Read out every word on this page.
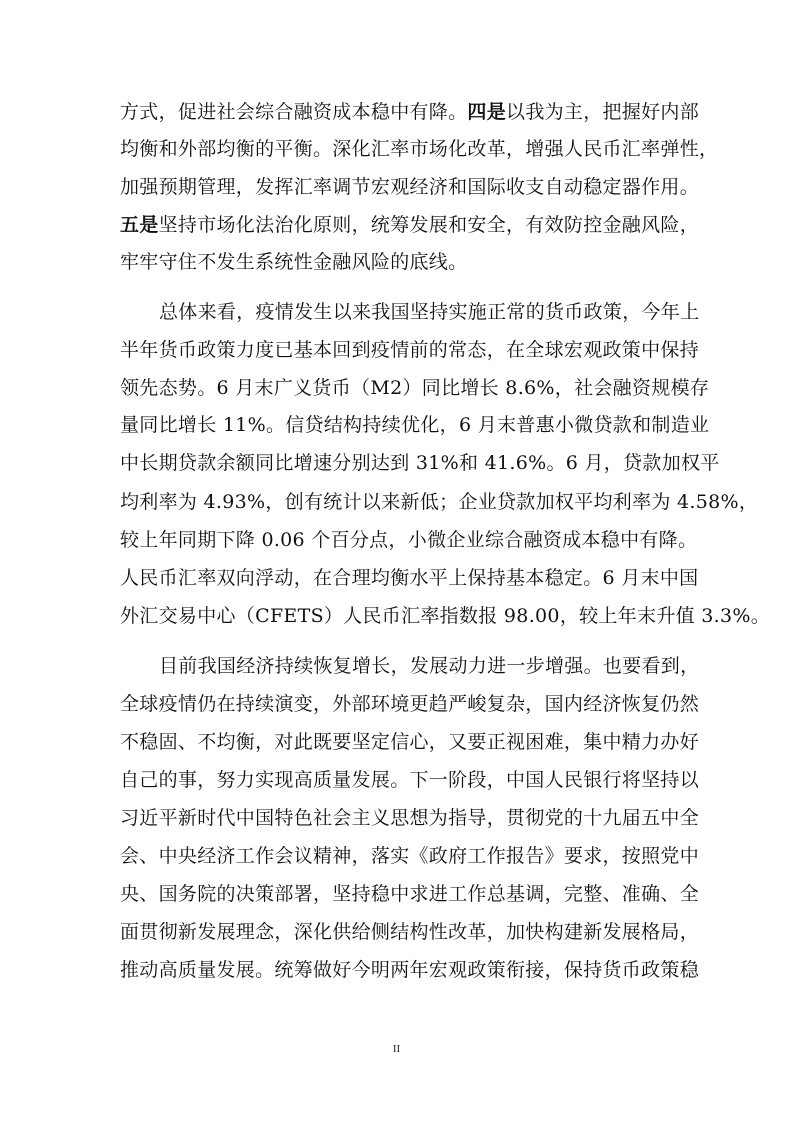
方式，促进社会综合融资成本稳中有降。四是以我为主，把握好内部
均衡和外部均衡的平衡。深化汇率市场化改革，增强人民币汇率弹性，
加强预期管理，发挥汇率调节宏观经济和国际收支自动稳定器作用。
五是坚持市场化法治化原则，统筹发展和安全，有效防控金融风险，
牢牢守住不发生系统性金融风险的底线。
总体来看，疫情发生以来我国坚持实施正常的货币政策，今年上
半年货币政策力度已基本回到疫情前的常态，在全球宏观政策中保持
领先态势。6 月末广义货币（M2）同比增长 8.6%，社会融资规模存
量同比增长 11%。信贷结构持续优化，6 月末普惠小微贷款和制造业
中长期贷款余额同比增速分别达到 31%和 41.6%。6 月，贷款加权平
均利率为 4.93%，创有统计以来新低；企业贷款加权平均利率为 4.58%，
较上年同期下降 0.06 个百分点，小微企业综合融资成本稳中有降。
人民币汇率双向浮动，在合理均衡水平上保持基本稳定。6 月末中国
外汇交易中心（CFETS）人民币汇率指数报 98.00，较上年末升值 3.3%。
目前我国经济持续恢复增长，发展动力进一步增强。也要看到，
全球疫情仍在持续演变，外部环境更趋严峻复杂，国内经济恢复仍然
不稳固、不均衡，对此既要坚定信心，又要正视困难，集中精力办好
自己的事，努力实现高质量发展。下一阶段，中国人民银行将坚持以
习近平新时代中国特色社会主义思想为指导，贯彻党的十九届五中全
会、中央经济工作会议精神，落实《政府工作报告》要求，按照党中
央、国务院的决策部署，坚持稳中求进工作总基调，完整、准确、全
面贯彻新发展理念，深化供给侧结构性改革，加快构建新发展格局，
推动高质量发展。统筹做好今明两年宏观政策衔接，保持货币政策稳
II
